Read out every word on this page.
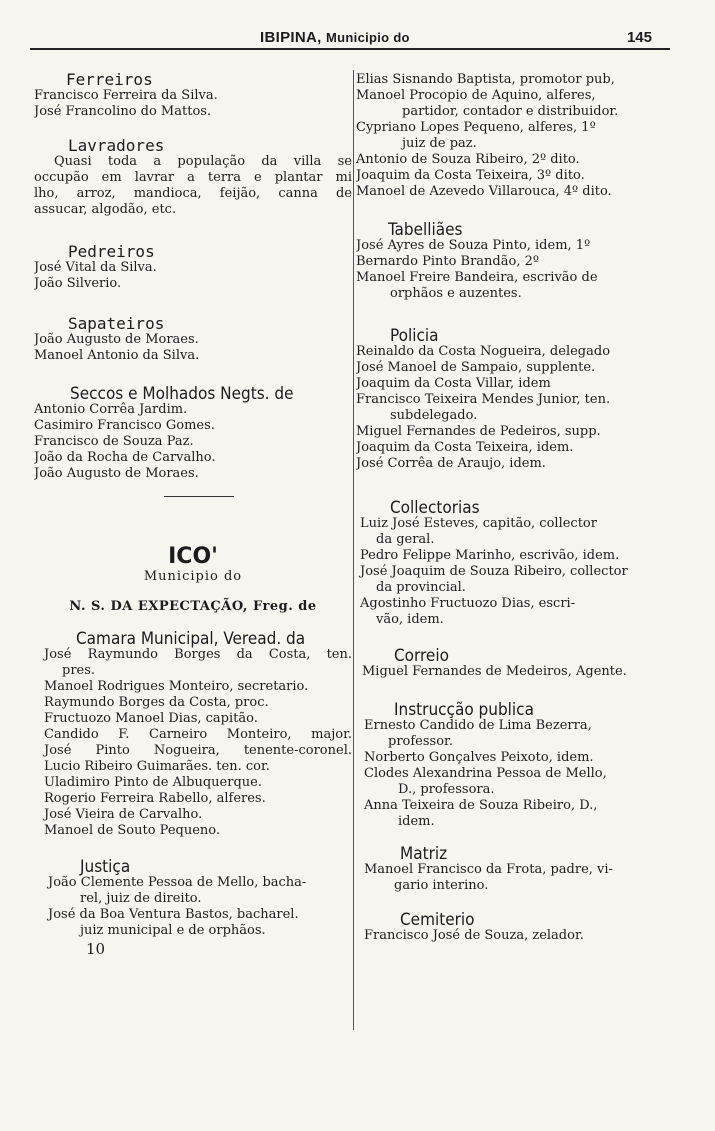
IBIPINA, Municipio do	145
Ferreiros
Francisco Ferreira da Silva.
José Francolino do Mattos.
Lavradores
Quasi toda a população da villa se
occupão em lavrar a terra e plantar mi
lho, arroz, mandioca, feijão, canna de
assucar, algodão, etc.
Pedreiros
José Vital da Silva.
João Silverio.
Sapateiros
João Augusto de Moraes.
Manoel Antonio da Silva.
Seccos e Molhados Negts. de
Antonio Corrêa Jardim.
Casimiro Francisco Gomes.
Francisco de Souza Paz.
João da Rocha de Carvalho.
João Augusto de Moraes.
ICO'
Municipio do
N. S. DA EXPECTAÇÃO, Freg. de
Camara Municipal, Veread. da
José Raymundo Borges da Costa, ten.
pres.
Manoel Rodrigues Monteiro, secretario.
Raymundo Borges da Costa, proc.
Fructuozo Manoel Dias, capitão.
Candido F. Carneiro Monteiro, major.
José Pinto Nogueira, tenente-coronel.
Lucio Ribeiro Guimarães. ten. cor.
Uladimiro Pinto de Albuquerque.
Rogerio Ferreira Rabello, alferes.
José Vieira de Carvalho.
Manoel de Souto Pequeno.
Justiça
João Clemente Pessoa de Mello, bacha-
rel, juiz de direito.
José da Boa Ventura Bastos, bacharel.
juiz municipal e de orphãos.
10
Elias Sisnando Baptista, promotor pub,
Manoel Procopio de Aquino, alferes,
partidor, contador e distribuidor.
Cypriano Lopes Pequeno, alferes, 1º
juiz de paz.
Antonio de Souza Ribeiro, 2º dito.
Joaquim da Costa Teixeira, 3º dito.
Manoel de Azevedo Villarouca, 4º dito.
Tabelliães
José Ayres de Souza Pinto, idem, 1º
Bernardo Pinto Brandão, 2º
Manoel Freire Bandeira, escrivão de
orphãos e auzentes.
Policia
Reinaldo da Costa Nogueira, delegado
José Manoel de Sampaio, supplente.
Joaquim da Costa Villar, idem
Francisco Teixeira Mendes Junior, ten.
subdelegado.
Miguel Fernandes de Pedeiros, supp.
Joaquim da Costa Teixeira, idem.
José Corrêa de Araujo, idem.
Collectorias
Luiz José Esteves, capitão, collector
da geral.
Pedro Felippe Marinho, escrivão, idem.
José Joaquim de Souza Ribeiro, collector
da provincial.
Agostinho Fructuozo Dias, escri-
vão, idem.
Correio
Miguel Fernandes de Medeiros, Agente.
Instrucção publica
Ernesto Candido de Lima Bezerra,
professor.
Norberto Gonçalves Peixoto, idem.
Clodes Alexandrina Pessoa de Mello,
D., professora.
Anna Teixeira de Souza Ribeiro, D.,
idem.
Matriz
Manoel Francisco da Frota, padre, vi-
gario interino.
Cemiterio
Francisco José de Souza, zelador.
